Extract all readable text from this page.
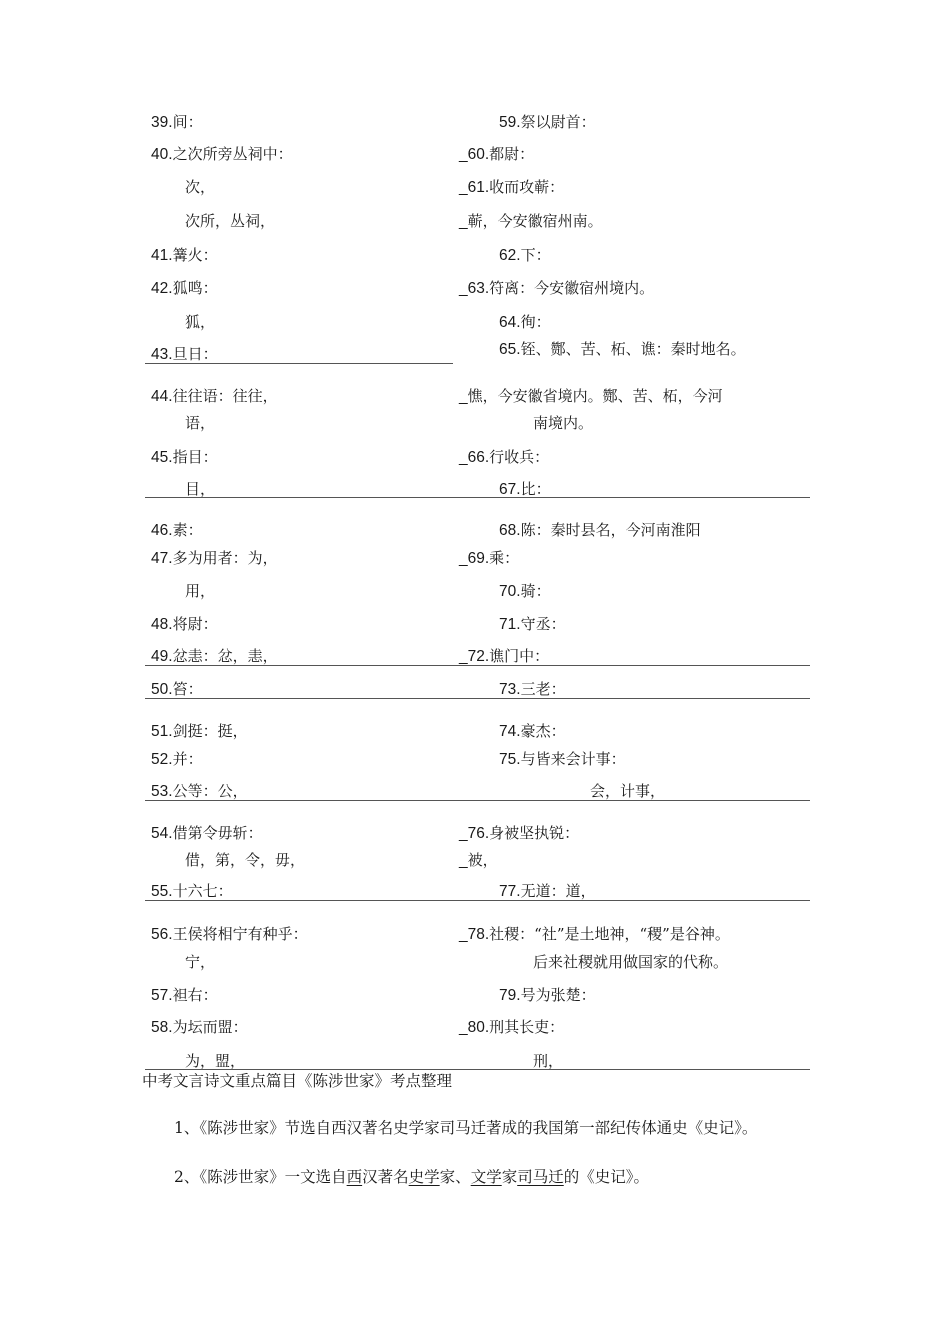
39.间：
40.之次所旁丛祠中：
次，
次所，丛祠，
41.篝火：
42.狐鸣：
狐，
43.旦日：
44.往往语：往往，
语，
45.指目：
目，
46.素：
47.多为用者：为，
用，
48.将尉：
49.忿恚：忿，恚，
50.笞：
51.剑挺：挺，
52.并：
53.公等：公，
54.借第令毋斩：
借，第，令，毋，
55.十六七：
56.王侯将相宁有种乎：
宁，
57.袒右：
58.为坛而盟：
为，盟，
59.祭以尉首：
_60.都尉：
_61.收而攻蕲：
_蕲，今安徽宿州南。
62.下：
_63.符离：今安徽宿州境内。
64.徇：
65.铚、酂、苦、柘、谯：秦时地名。
_憔，今安徽省境内。酂、苦、柘，今河
南境内。
_66.行收兵：
67.比：
68.陈：秦时县名，今河南淮阳
_69.乘：
70.骑：
71.守丞：
_72.谯门中：
73.三老：
74.豪杰：
75.与皆来会计事：
会，计事，
_76.身被坚执锐：
_被，
77.无道：道，
_78.社稷：“社”是土地神，“稷”是谷神。
后来社稷就用做国家的代称。
79.号为张楚：
_80.刑其长吏：
刑，
中考文言诗文重点篇目《陈涉世家》考点整理
1、《陈涉世家》节选自西汉著名史学家司马迁著成的我国第一部纪传体通史《史记》。
2、《陈涉世家》一文选自西汉著名史学家、文学家司马迁的《史记》。
